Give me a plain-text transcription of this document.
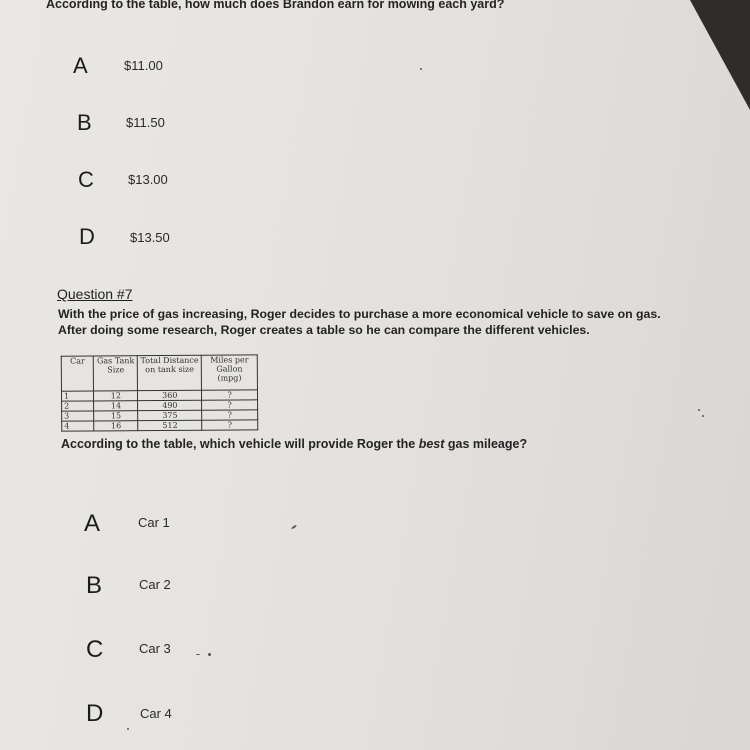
According to the table, how much does Brandon earn for mowing each yard?

A	$11.00
B	$11.50
C	$13.00
D	$13.50

Question #7

With the price of gas increasing, Roger decides to purchase a more economical vehicle to save on gas.

After doing some research, Roger creates a table so he can compare the different vehicles.

Car	Gas Tank Size	Total Distance on tank size	Miles per Gallon (mpg)
1	12	360	?
2	14	490	?
3	15	375	?
4	16	512	?

According to the table, which vehicle will provide Roger the best gas mileage?

A	Car 1
B	Car 2
C	Car 3
D	Car 4
